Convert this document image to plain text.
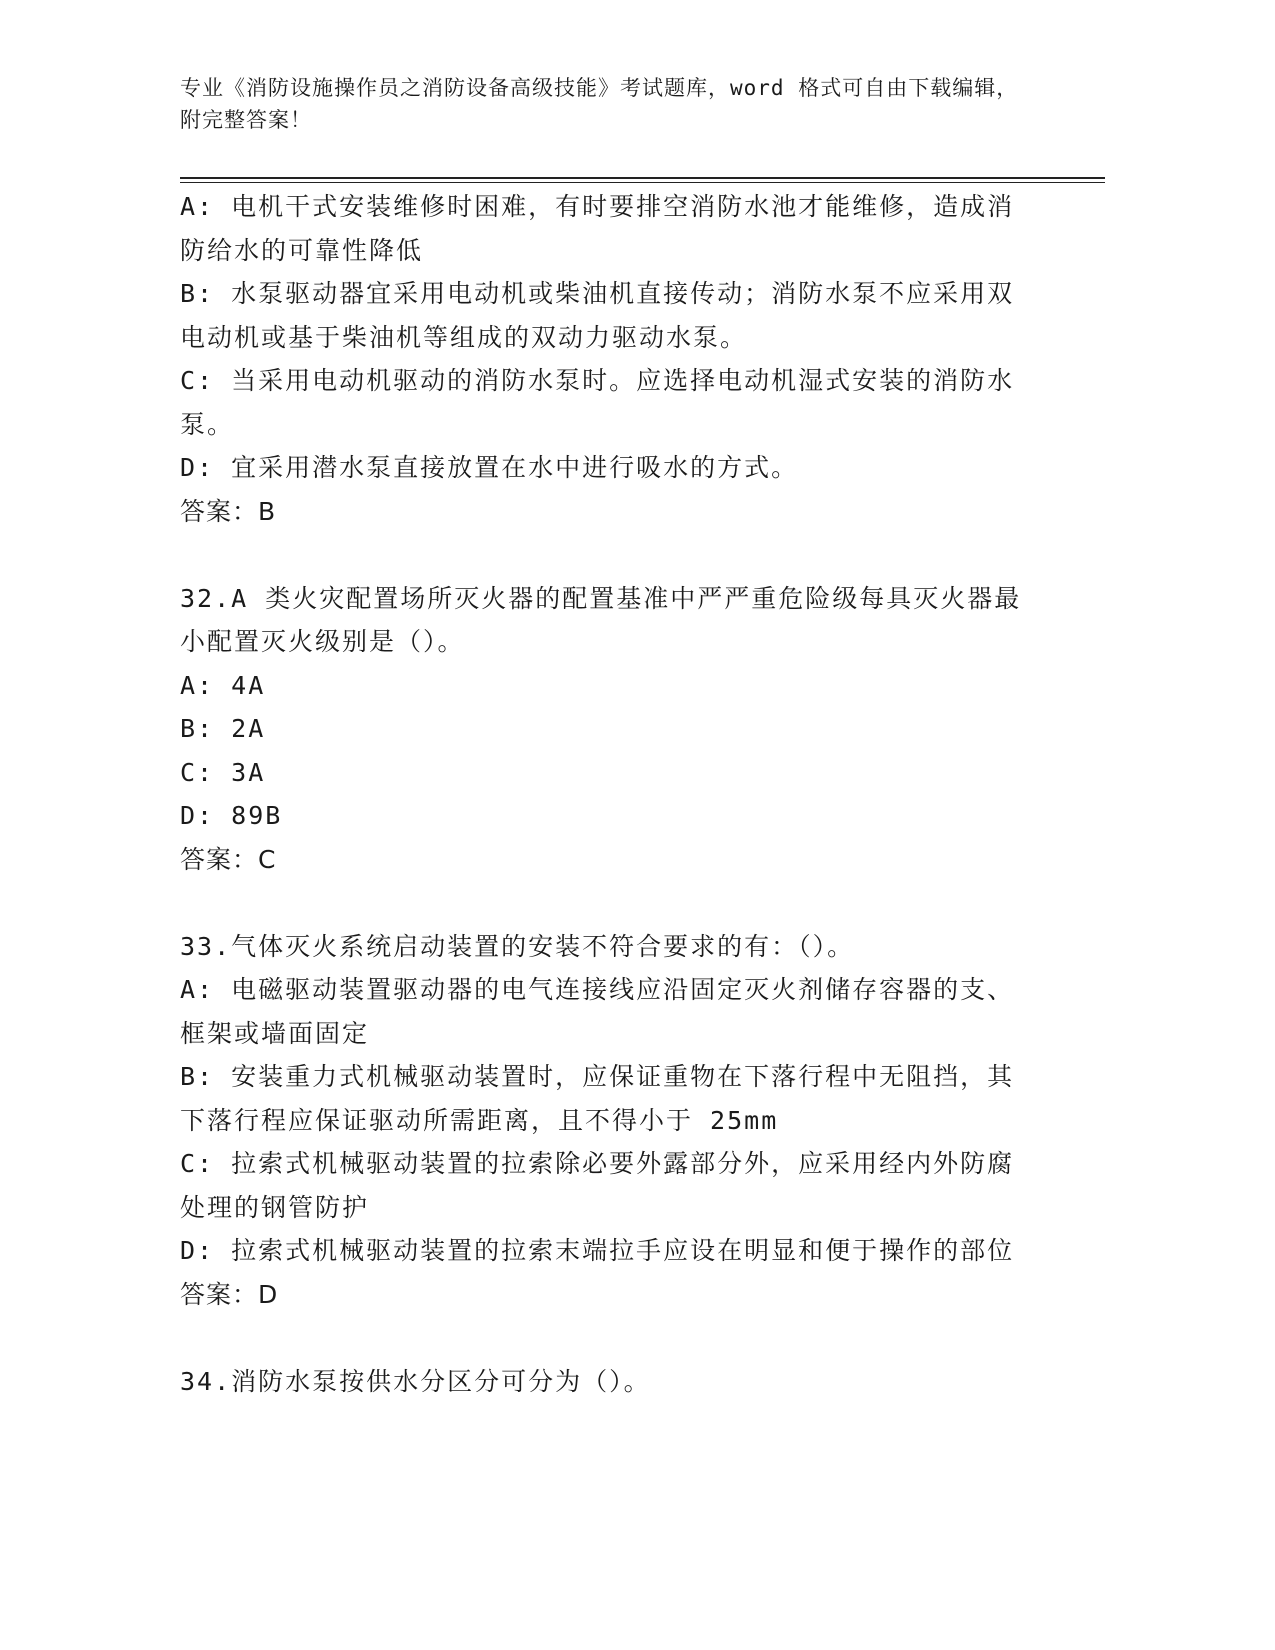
专业《消防设施操作员之消防设备高级技能》考试题库，word 格式可自由下载编辑，附完整答案！
A: 电机干式安装维修时困难，有时要排空消防水池才能维修，造成消防给水的可靠性降低
B: 水泵驱动器宜采用电动机或柴油机直接传动；消防水泵不应采用双电动机或基于柴油机等组成的双动力驱动水泵。
C: 当采用电动机驱动的消防水泵时。应选择电动机湿式安装的消防水泵。
D: 宜采用潜水泵直接放置在水中进行吸水的方式。
答案：B
32.A 类火灾配置场所灭火器的配置基准中严严重危险级每具灭火器最小配置灭火级别是（）。
A: 4A
B: 2A
C: 3A
D: 89B
答案：C
33.气体灭火系统启动装置的安装不符合要求的有：（）。
A: 电磁驱动装置驱动器的电气连接线应沿固定灭火剂储存容器的支、框架或墙面固定
B: 安装重力式机械驱动装置时，应保证重物在下落行程中无阻挡，其下落行程应保证驱动所需距离，且不得小于 25mm
C: 拉索式机械驱动装置的拉索除必要外露部分外，应采用经内外防腐处理的钢管防护
D: 拉索式机械驱动装置的拉索末端拉手应设在明显和便于操作的部位
答案：D
34.消防水泵按供水分区分可分为（）。
